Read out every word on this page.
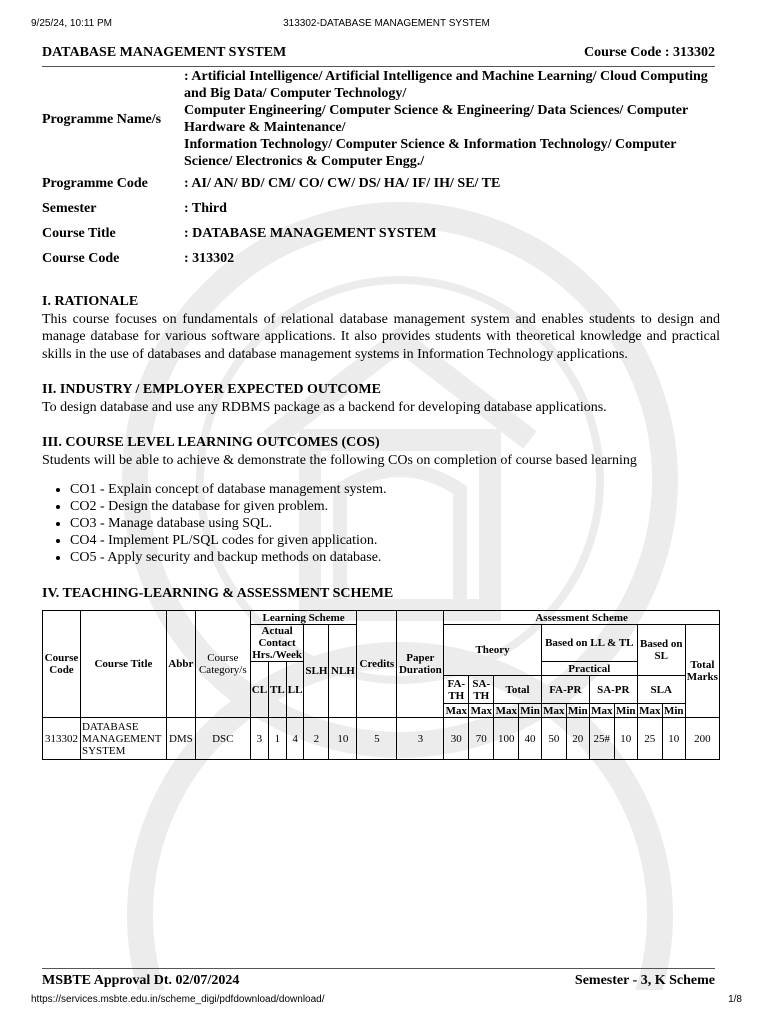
9/25/24, 10:11 PM	313302-DATABASE MANAGEMENT SYSTEM
DATABASE MANAGEMENT SYSTEM	Course Code : 313302
Programme Name/s
: Artificial Intelligence/ Artificial Intelligence and Machine Learning/ Cloud Computing
and Big Data/ Computer Technology/
Computer Engineering/ Computer Science & Engineering/ Data Sciences/ Computer
Hardware & Maintenance/
Information Technology/ Computer Science & Information Technology/ Computer
Science/ Electronics & Computer Engg./
Programme Code	: AI/ AN/ BD/ CM/ CO/ CW/ DS/ HA/ IF/ IH/ SE/ TE
Semester	: Third
Course Title	: DATABASE MANAGEMENT SYSTEM
Course Code	: 313302
I. RATIONALE

This course focuses on fundamentals of relational database management system and enables students to design and manage database for various software applications. It also provides students with theoretical knowledge and practical skills in the use of databases and database management systems in Information Technology applications.

II. INDUSTRY / EMPLOYER EXPECTED OUTCOME

To design database and use any RDBMS package as a backend for developing database applications.

III. COURSE LEVEL LEARNING OUTCOMES (COS)

Students will be able to achieve & demonstrate the following COs on completion of course based learning

• CO1 - Explain concept of database management system.
• CO2 - Design the database for given problem.
• CO3 - Manage database using SQL.
• CO4 - Implement PL/SQL codes for given application.
• CO5 - Apply security and backup methods on database.
IV. TEACHING-LEARNING & ASSESSMENT SCHEME
Course Code	Course Title	Abbr	Course Category/s	Learning Scheme					Credits	Paper Duration	Assessment Scheme										
				Actual Contact Hrs./Week			SLH	NLH			Theory				Based on LL & TL				Based on SL		Total Marks
				CL	TL	LL									Practical						
											FA-TH	SA-TH	Total		FA-PR		SA-PR		SLA		
											Max	Max	Max	Min	Max	Min	Max	Min	Max	Min	
313302	DATABASE MANAGEMENT SYSTEM	DMS	DSC	3	1	4	2	10	5	3	30	70	100	40	50	20	25#	10	25	10	200
MSBTE Approval Dt. 02/07/2024	Semester - 3, K Scheme
https://services.msbte.edu.in/scheme_digi/pdfdownload/download/	1/8
